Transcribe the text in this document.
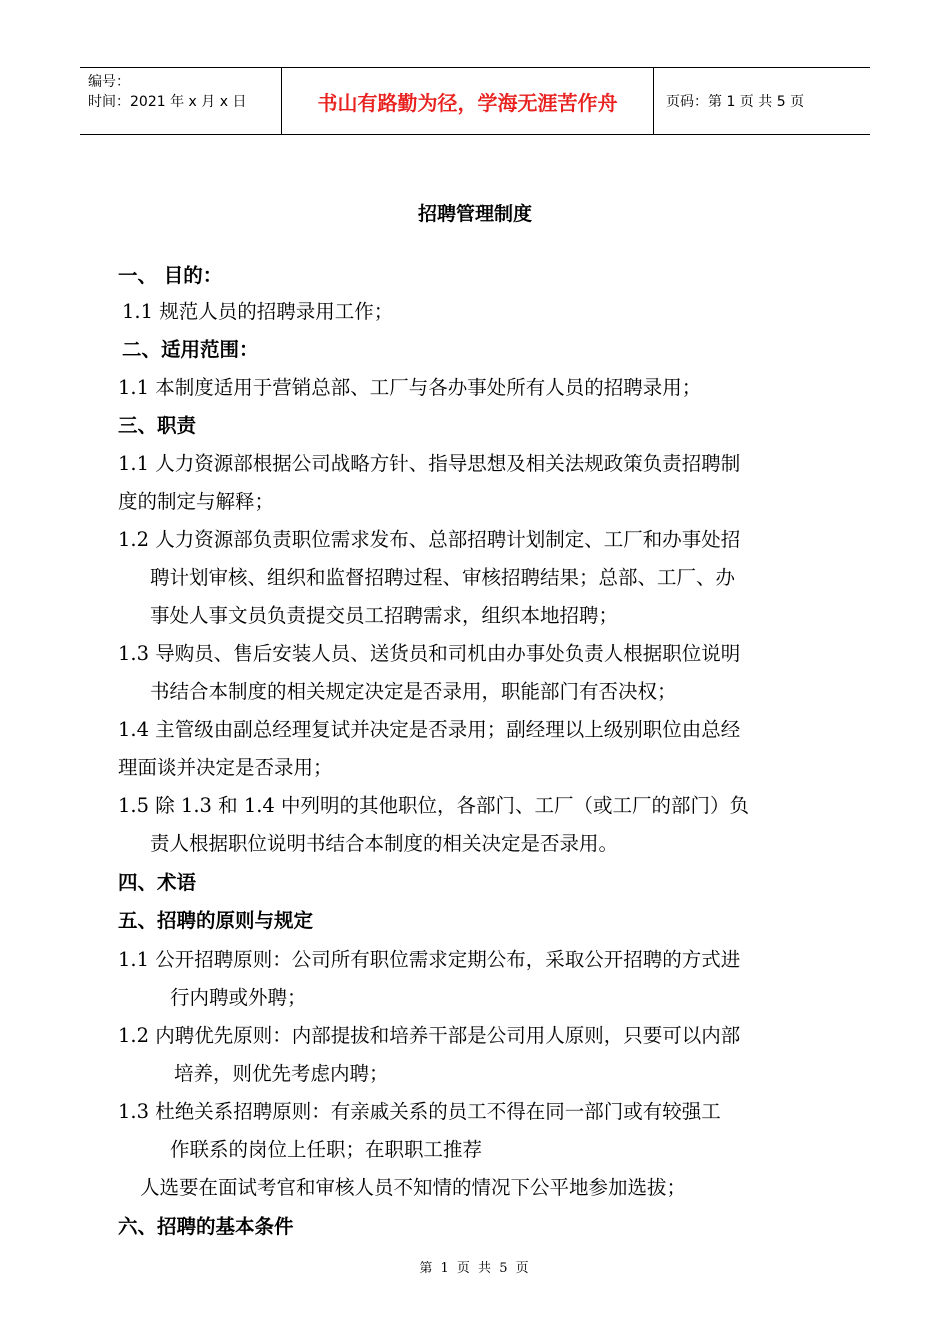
编号：
时间：2021 年 x 月 x 日	书山有路勤为径，学海无涯苦作舟	页码：第 1 页 共 5 页
招聘管理制度
一、 目的：
1.1 规范人员的招聘录用工作；
二、适用范围：
1.1 本制度适用于营销总部、工厂与各办事处所有人员的招聘录用；
三、职责
1.1 人力资源部根据公司战略方针、指导思想及相关法规政策负责招聘制
度的制定与解释；
1.2 人力资源部负责职位需求发布、总部招聘计划制定、工厂和办事处招
聘计划审核、组织和监督招聘过程、审核招聘结果；总部、工厂、办
事处人事文员负责提交员工招聘需求，组织本地招聘；
1.3 导购员、售后安装人员、送货员和司机由办事处负责人根据职位说明
书结合本制度的相关规定决定是否录用，职能部门有否决权；
1.4 主管级由副总经理复试并决定是否录用；副经理以上级别职位由总经
理面谈并决定是否录用；
1.5 除 1.3 和 1.4 中列明的其他职位，各部门、工厂（或工厂的部门）负
责人根据职位说明书结合本制度的相关决定是否录用。
四、术语
五、招聘的原则与规定
1.1 公开招聘原则：公司所有职位需求定期公布，采取公开招聘的方式进
行内聘或外聘；
1.2 内聘优先原则：内部提拔和培养干部是公司用人原则，只要可以内部
培养，则优先考虑内聘；
1.3 杜绝关系招聘原则：有亲戚关系的员工不得在同一部门或有较强工
作联系的岗位上任职；在职职工推荐
人选要在面试考官和审核人员不知情的情况下公平地参加选拔；
六、招聘的基本条件
第 1 页 共 5 页
